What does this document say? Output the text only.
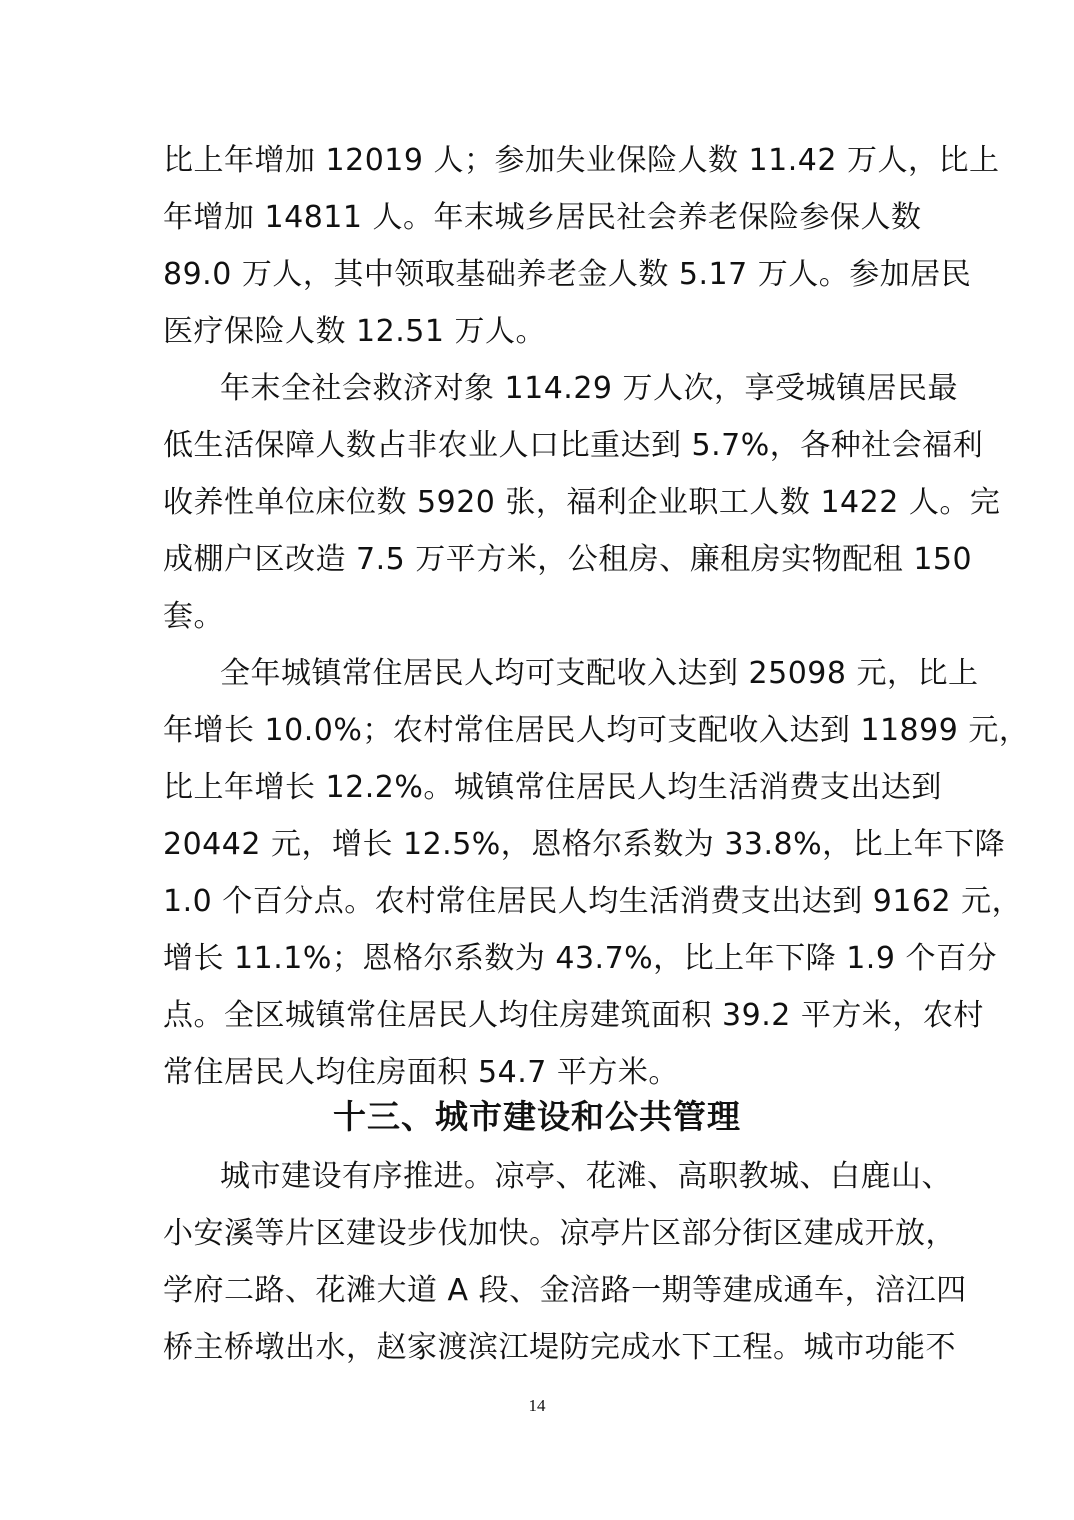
比上年增加 12019 人；参加失业保险人数 11.42 万人，比上
年增加 14811 人。年末城乡居民社会养老保险参保人数
89.0 万人，其中领取基础养老金人数 5.17 万人。参加居民
医疗保险人数 12.51 万人。
年末全社会救济对象 114.29 万人次，享受城镇居民最
低生活保障人数占非农业人口比重达到 5.7%，各种社会福利
收养性单位床位数 5920 张，福利企业职工人数 1422 人。完
成棚户区改造 7.5 万平方米，公租房、廉租房实物配租 150
套。
全年城镇常住居民人均可支配收入达到 25098 元，比上
年增长 10.0%；农村常住居民人均可支配收入达到 11899 元，
比上年增长 12.2%。城镇常住居民人均生活消费支出达到
20442 元，增长 12.5%，恩格尔系数为 33.8%，比上年下降
1.0 个百分点。农村常住居民人均生活消费支出达到 9162 元，
增长 11.1%；恩格尔系数为 43.7%，比上年下降 1.9 个百分
点。全区城镇常住居民人均住房建筑面积 39.2 平方米，农村
常住居民人均住房面积 54.7 平方米。
十三、城市建设和公共管理
城市建设有序推进。凉亭、花滩、高职教城、白鹿山、
小安溪等片区建设步伐加快。凉亭片区部分街区建成开放，
学府二路、花滩大道 A 段、金涪路一期等建成通车，涪江四
桥主桥墩出水，赵家渡滨江堤防完成水下工程。城市功能不
14
